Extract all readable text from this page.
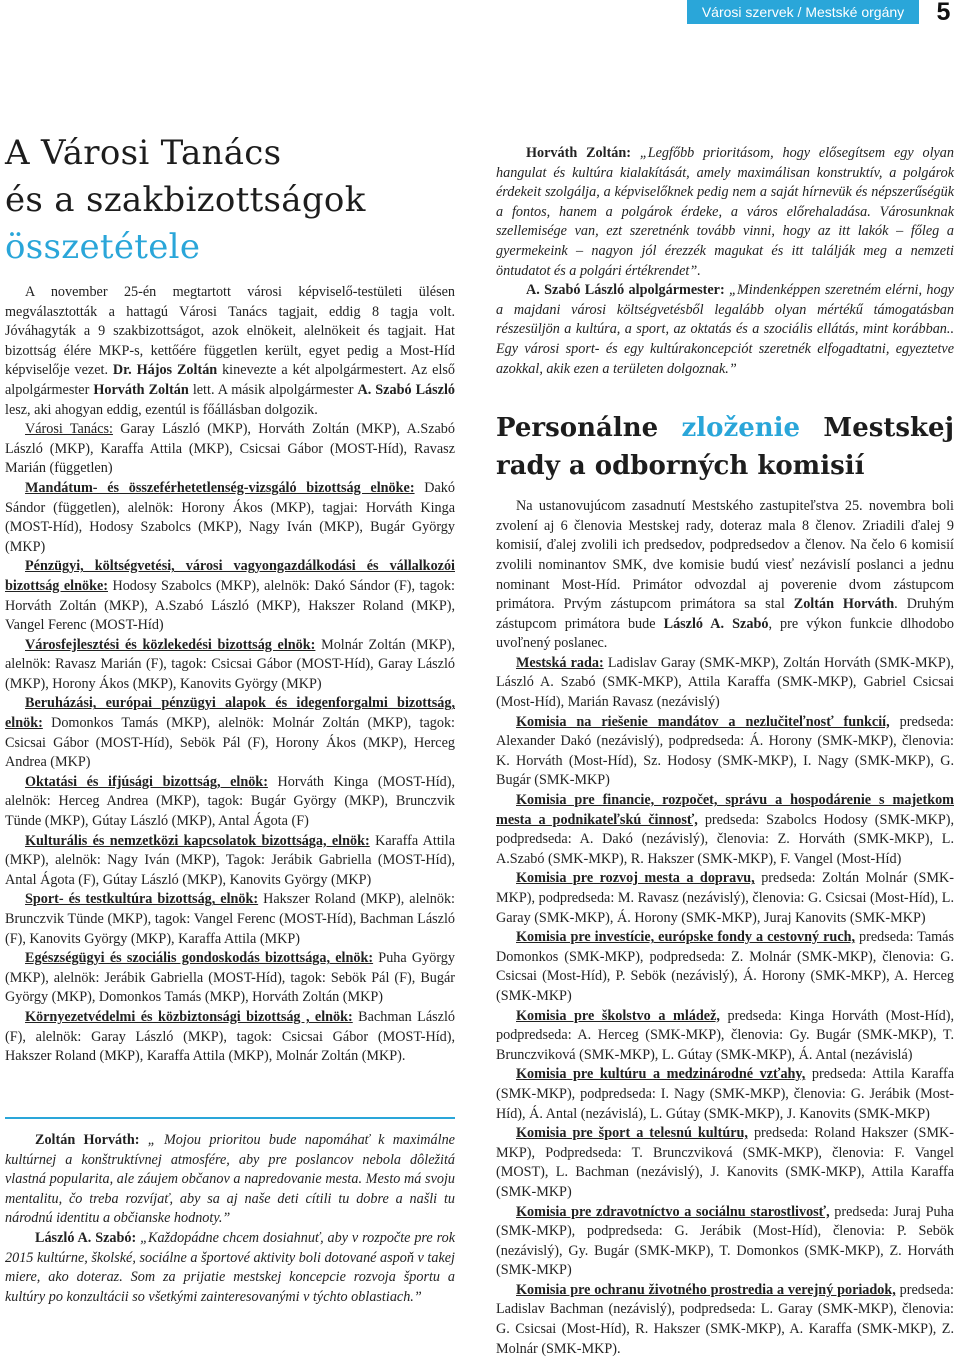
Városi szervek / Mestské orgány	5
A Városi Tanács
és a szakbizottságok
összetétele

A november 25-én megtartott városi képviselő-testületi ülésen megválasztották a hattagú Városi Tanács tagjait, eddig 8 tagja volt. Jóváhagyták a 9 szakbizottságot, azok elnökeit, alelnökeit és tagjait. Hat bizottság élére MKP-s, kettőére független került, egyet pedig a Most-Híd képviselője vezet. Dr. Hájos Zoltán kinevezte a két alpolgármestert. Az első alpolgármester Horváth Zoltán lett. A másik alpolgármester A. Szabó László lesz, aki ahogyan eddig, ezentúl is főállásban dolgozik.

Városi Tanács: Garay László (MKP), Horváth Zoltán (MKP), A.Szabó László (MKP), Karaffa Attila (MKP), Csicsai Gábor (MOST-Híd), Ravasz Marián (független)

Mandátum- és összeférhetetlenség-vizsgáló bizottság elnöke: Dakó Sándor (független), alelnök: Horony Ákos (MKP), tagjai: Horváth Kinga (MOST-Híd), Hodosy Szabolcs (MKP), Nagy Iván (MKP), Bugár György (MKP)

Pénzügyi, költségvetési, városi vagyongazdálkodási és vállalkozói bizottság elnöke: Hodosy Szabolcs (MKP), alelnök: Dakó Sándor (F), tagok: Horváth Zoltán (MKP), A.Szabó László (MKP), Hakszer Roland (MKP), Vangel Ferenc (MOST-Híd)

Városfejlesztési és közlekedési bizottság elnök: Molnár Zoltán (MKP), alelnök: Ravasz Marián (F), tagok: Csicsai Gábor (MOST-Híd), Garay László (MKP), Horony Ákos (MKP), Kanovits György (MKP)

Beruházási, európai pénzügyi alapok és idegenforgalmi bizottság, elnök: Domonkos Tamás (MKP), alelnök: Molnár Zoltán (MKP), tagok: Csicsai Gábor (MOST-Híd), Sebök Pál (F), Horony Ákos (MKP), Herceg Andrea (MKP)

Oktatási és ifjúsági bizottság, elnök: Horváth Kinga (MOST-Híd), alelnök: Herceg Andrea (MKP), tagok: Bugár György (MKP), Brunczvik Tünde (MKP), Gútay László (MKP), Antal Ágota (F)

Kulturális és nemzetközi kapcsolatok bizottsága, elnök: Karaffa Attila (MKP), alelnök: Nagy Iván (MKP), Tagok: Jerábik Gabriella (MOST-Híd), Antal Ágota (F), Gútay László (MKP), Kanovits György (MKP)

Sport- és testkultúra bizottság, elnök: Hakszer Roland (MKP), alelnök: Brunczvik Tünde (MKP), tagok: Vangel Ferenc (MOST-Híd), Bachman László (F), Kanovits György (MKP), Karaffa Attila (MKP)

Egészségügyi és szociális gondoskodás bizottsága, elnök: Puha György (MKP), alelnök: Jerábik Gabriella (MOST-Híd), tagok: Sebök Pál (F), Bugár György (MKP), Domonkos Tamás (MKP), Horváth Zoltán (MKP)

Környezetvédelmi és közbiztonsági bizottság , elnök: Bachman László (F), alelnök: Garay László (MKP), tagok: Csicsai Gábor (MOST-Híd), Hakszer Roland (MKP), Karaffa Attila (MKP), Molnár Zoltán (MKP).

Zoltán Horváth: „ Mojou prioritou bude napomáhať k maximálne kultúrnej a konštruktívnej atmosfére, aby pre poslancov nebola dôležitá vlastná popularita, ale záujem občanov a napredovanie mesta. Mesto má svoju mentalitu, čo treba rozvíjať, aby sa aj naše deti cítili tu dobre a našli tu národnú identitu a občianske hodnoty.”

László A. Szabó: „Každopádne chcem dosiahnuť, aby v rozpočte pre rok 2015 kultúrne, školské, sociálne a športové aktivity boli dotované aspoň v takej miere, ako doteraz. Som za prijatie mestskej koncepcie rozvoja športu a kultúry po konzultácii so všetkými zainteresovanými v týchto oblastiach.”

Horváth Zoltán: „Legfőbb prioritásom, hogy elősegítsem egy olyan hangulat és kultúra kialakítását, amely maximálisan konstruktív, a polgárok érdekeit szolgálja, a képviselőknek pedig nem a saját hírnevük és népszerűségük a fontos, hanem a polgárok érdeke, a város előrehaladása. Városunknak szellemisége van, ezt szeretnénk tovább vinni, hogy az itt lakók – főleg a gyermekeink – nagyon jól érezzék magukat és itt találják meg a nemzeti öntudatot és a polgári értékrendet”.

A. Szabó László alpolgármester: „Mindenképpen szeretném elérni, hogy a majdani városi költségvetésből legalább olyan mértékű támogatásban részesüljön a kultúra, a sport, az oktatás és a szociális ellátás, mint korábban.. Egy városi sport- és egy kultúrakoncepciót szeretnék elfogadtatni, egyeztetve azokkal, akik ezen a területen dolgoznak.”

Personálne zloženie Mestskej rady a odborných komisií

Na ustanovujúcom zasadnutí Mestského zastupiteľstva 25. novembra boli zvolení aj 6 členovia Mestskej rady, doteraz mala 8 členov. Zriadili ďalej 9 komisií, ďalej zvolili ich predsedov, podpredsedov a členov. Na čelo 6 komisií zvolili nominantov SMK, dve komisie budú viesť nezávislí poslanci a jednu nominant Most-Híd. Primátor odvozdal aj poverenie dvom zástupcom primátora. Prvým zástupcom primátora sa stal Zoltán Horváth. Druhým zástupcom primátora bude László A. Szabó, pre výkon funkcie dlhodobo uvoľnený poslanec.

Mestská rada: Ladislav Garay (SMK-MKP), Zoltán Horváth (SMK-MKP), László A. Szabó (SMK-MKP), Attila Karaffa (SMK-MKP), Gabriel Csicsai (Most-Híd), Marián Ravasz (nezávislý)

Komisia na riešenie mandátov a nezlučiteľnosť funkcií, predseda: Alexander Dakó (nezávislý), podpredseda: Á. Horony (SMK-MKP), členovia: K. Horváth (Most-Híd), Sz. Hodosy (SMK-MKP), I. Nagy (SMK-MKP), G. Bugár (SMK-MKP)

Komisia pre financie, rozpočet, správu a hospodárenie s majetkom mesta a podnikateľskú činnosť, predseda: Szabolcs Hodosy (SMK-MKP), podpredseda: A. Dakó (nezávislý), členovia: Z. Horváth (SMK-MKP), L. A.Szabó (SMK-MKP), R. Hakszer (SMK-MKP), F. Vangel (Most-Híd)

Komisia pre rozvoj mesta a dopravu, predseda: Zoltán Molnár (SMK-MKP), podpredseda: M. Ravasz (nezávislý), členovia: G. Csicsai (Most-Híd), L. Garay (SMK-MKP), Á. Horony (SMK-MKP), Juraj Kanovits (SMK-MKP)

Komisia pre investície, európske fondy a cestovný ruch, predseda: Tamás Domonkos (SMK-MKP), podpredseda: Z. Molnár (SMK-MKP), členovia: G. Csicsai (Most-Híd), P. Sebök (nezávislý), Á. Horony (SMK-MKP), A. Herceg (SMK-MKP)

Komisia pre školstvo a mládež, predseda: Kinga Horváth (Most-Híd), podpredseda: A. Herceg (SMK-MKP), členovia: Gy. Bugár (SMK-MKP), T. Brunczviková (SMK-MKP), L. Gútay (SMK-MKP), Á. Antal (nezávislá)

Komisia pre kultúru a medzinárodné vzťahy, predseda: Attila Karaffa (SMK-MKP), podpredseda: I. Nagy (SMK-MKP), členovia: G. Jerábik (Most-Híd), Á. Antal (nezávislá), L. Gútay (SMK-MKP), J. Kanovits (SMK-MKP)

Komisia pre šport a telesnú kultúru, predseda: Roland Hakszer (SMK-MKP), Podpredseda: T. Brunczviková (SMK-MKP), členovia: F. Vangel (MOST), L. Bachman (nezávislý), J. Kanovits (SMK-MKP), Attila Karaffa (SMK-MKP)

Komisia pre zdravotníctvo a sociálnu starostlivosť, predseda: Juraj Puha (SMK-MKP), podpredseda: G. Jerábik (Most-Híd), členovia: P. Sebök (nezávislý), Gy. Bugár (SMK-MKP), T. Domonkos (SMK-MKP), Z. Horváth (SMK-MKP)

Komisia pre ochranu životného prostredia a verejný poriadok, predseda: Ladislav Bachman (nezávislý), podpredseda: L. Garay (SMK-MKP), členovia: G. Csicsai (Most-Híd), R. Hakszer (SMK-MKP), A. Karaffa (SMK-MKP), Z. Molnár (SMK-MKP).
